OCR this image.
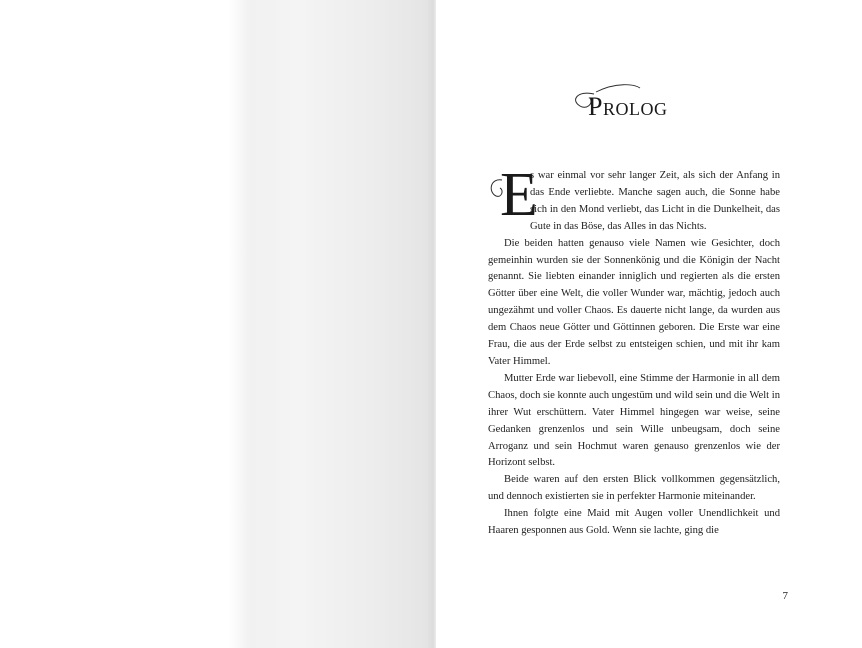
Prolog
E

s war einmal vor sehr langer Zeit, als sich der Anfang in das Ende verliebte. Manche sagen auch, die Sonne habe sich in den Mond verliebt, das Licht in die Dunkelheit, das Gute in das Böse, das Alles in das Nichts.

Die beiden hatten genauso viele Namen wie Gesichter, doch gemeinhin wurden sie der Sonnenkönig und die Königin der Nacht genannt. Sie liebten einander inniglich und regierten als die ersten Götter über eine Welt, die voller Wunder war, mächtig, jedoch auch ungezähmt und voller Chaos. Es dauerte nicht lange, da wurden aus dem Chaos neue Götter und Göttinnen geboren. Die Erste war eine Frau, die aus der Erde selbst zu entsteigen schien, und mit ihr kam Vater Himmel.

Mutter Erde war liebevoll, eine Stimme der Harmonie in all dem Chaos, doch sie konnte auch ungestüm und wild sein und die Welt in ihrer Wut erschüttern. Vater Himmel hingegen war weise, seine Gedanken grenzenlos und sein Wille unbeugsam, doch seine Arroganz und sein Hochmut waren genauso grenzenlos wie der Horizont selbst.

Beide waren auf den ersten Blick vollkommen gegensätzlich, und dennoch existierten sie in perfekter Harmonie miteinander.

Ihnen folgte eine Maid mit Augen voller Unendlichkeit und Haaren gesponnen aus Gold. Wenn sie lachte, ging die

7
